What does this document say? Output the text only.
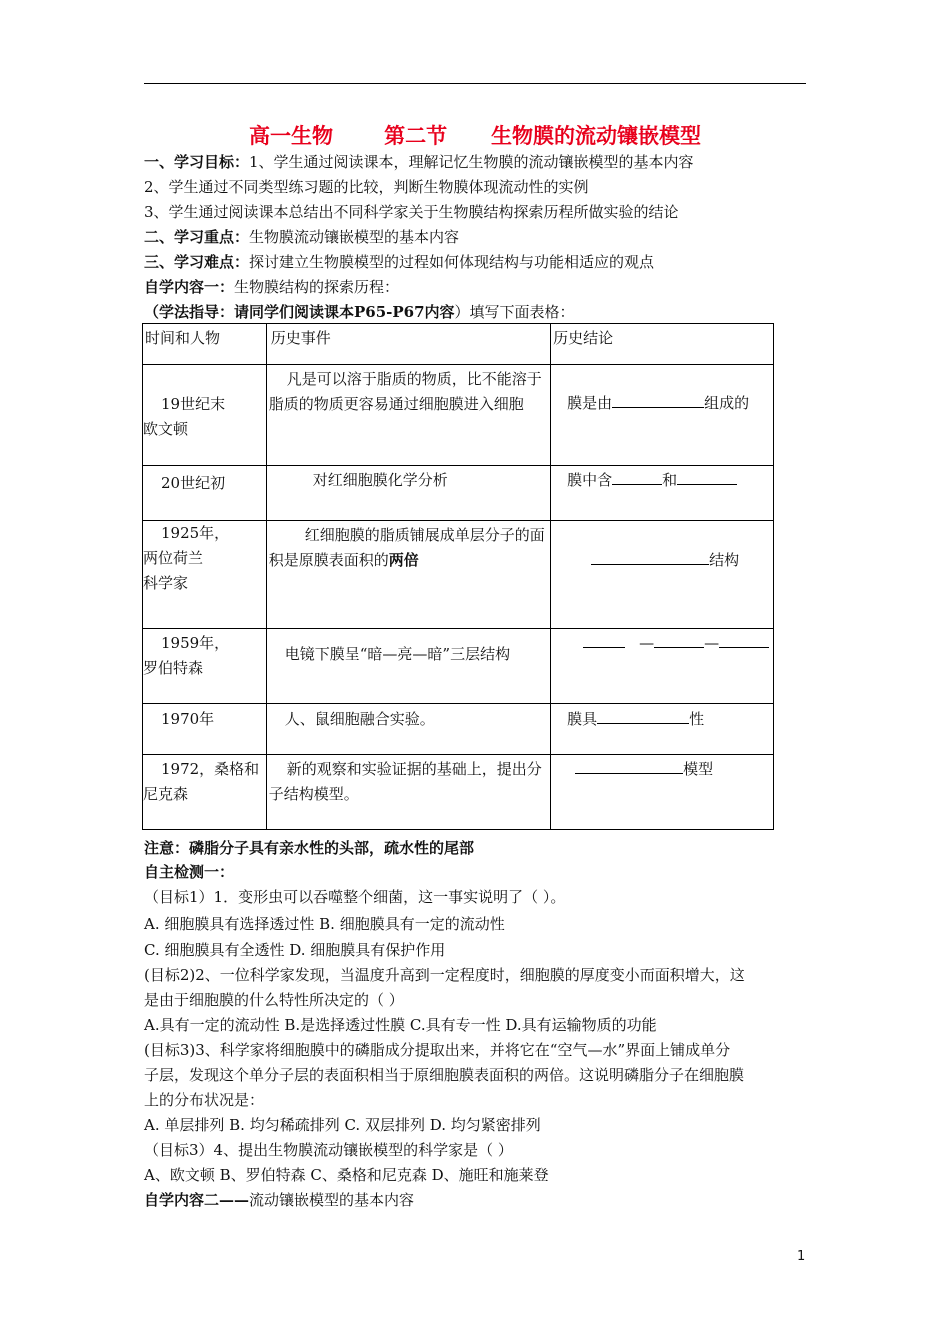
高一生物       第二节      生物膜的流动镶嵌模型
一、学习目标：1、学生通过阅读课本，理解记忆生物膜的流动镶嵌模型的基本内容
2、学生通过不同类型练习题的比较，判断生物膜体现流动性的实例
3、学生通过阅读课本总结出不同科学家关于生物膜结构探索历程所做实验的结论
二、学习重点：生物膜流动镶嵌模型的基本内容
三、学习难点：探讨建立生物膜模型的过程如何体现结构与功能相适应的观点
自学内容一：生物膜结构的探索历程：
（学法指导：请同学们阅读课本P65-P67内容）填写下面表格：
时间和人物	历史事件	历史结论

19世纪末
欧文顿	凡是可以溶于脂质的物质，比不能溶于脂质的物质更容易通过细胞膜进入细胞	膜是由 组成的

20世纪初	对红细胞膜化学分析	膜中含 和

1925年，
两位荷兰
科学家	红细胞膜的脂质铺展成单层分子的面积是原膜表面积的两倍	结构

1959年，
罗伯特森	电镜下膜呈“暗—亮—暗”三层结构	— —

1970年	人、鼠细胞融合实验。	膜具 性

1972，桑格和
尼克森	新的观察和实验证据的基础上，提出分子结构模型。	模型
注意：磷脂分子具有亲水性的头部，疏水性的尾部
自主检测一：
（目标1）1．变形虫可以吞噬整个细菌，这一事实说明了（ ）。
A. 细胞膜具有选择透过性 B. 细胞膜具有一定的流动性
C. 细胞膜具有全透性 D. 细胞膜具有保护作用
(目标2)2、一位科学家发现，当温度升高到一定程度时，细胞膜的厚度变小而面积增大，这
是由于细胞膜的什么特性所决定的（ ）
A.具有一定的流动性 B.是选择透过性膜 C.具有专一性 D.具有运输物质的功能
(目标3)3、科学家将细胞膜中的磷脂成分提取出来，并将它在“空气—水”界面上铺成单分
子层，发现这个单分子层的表面积相当于原细胞膜表面积的两倍。这说明磷脂分子在细胞膜
上的分布状况是：
A. 单层排列 B. 均匀稀疏排列 C. 双层排列 D. 均匀紧密排列
（目标3）4、提出生物膜流动镶嵌模型的科学家是（ ）
A、欧文顿 B、罗伯特森 C、桑格和尼克森 D、施旺和施莱登
自学内容二——流动镶嵌模型的基本内容
1
